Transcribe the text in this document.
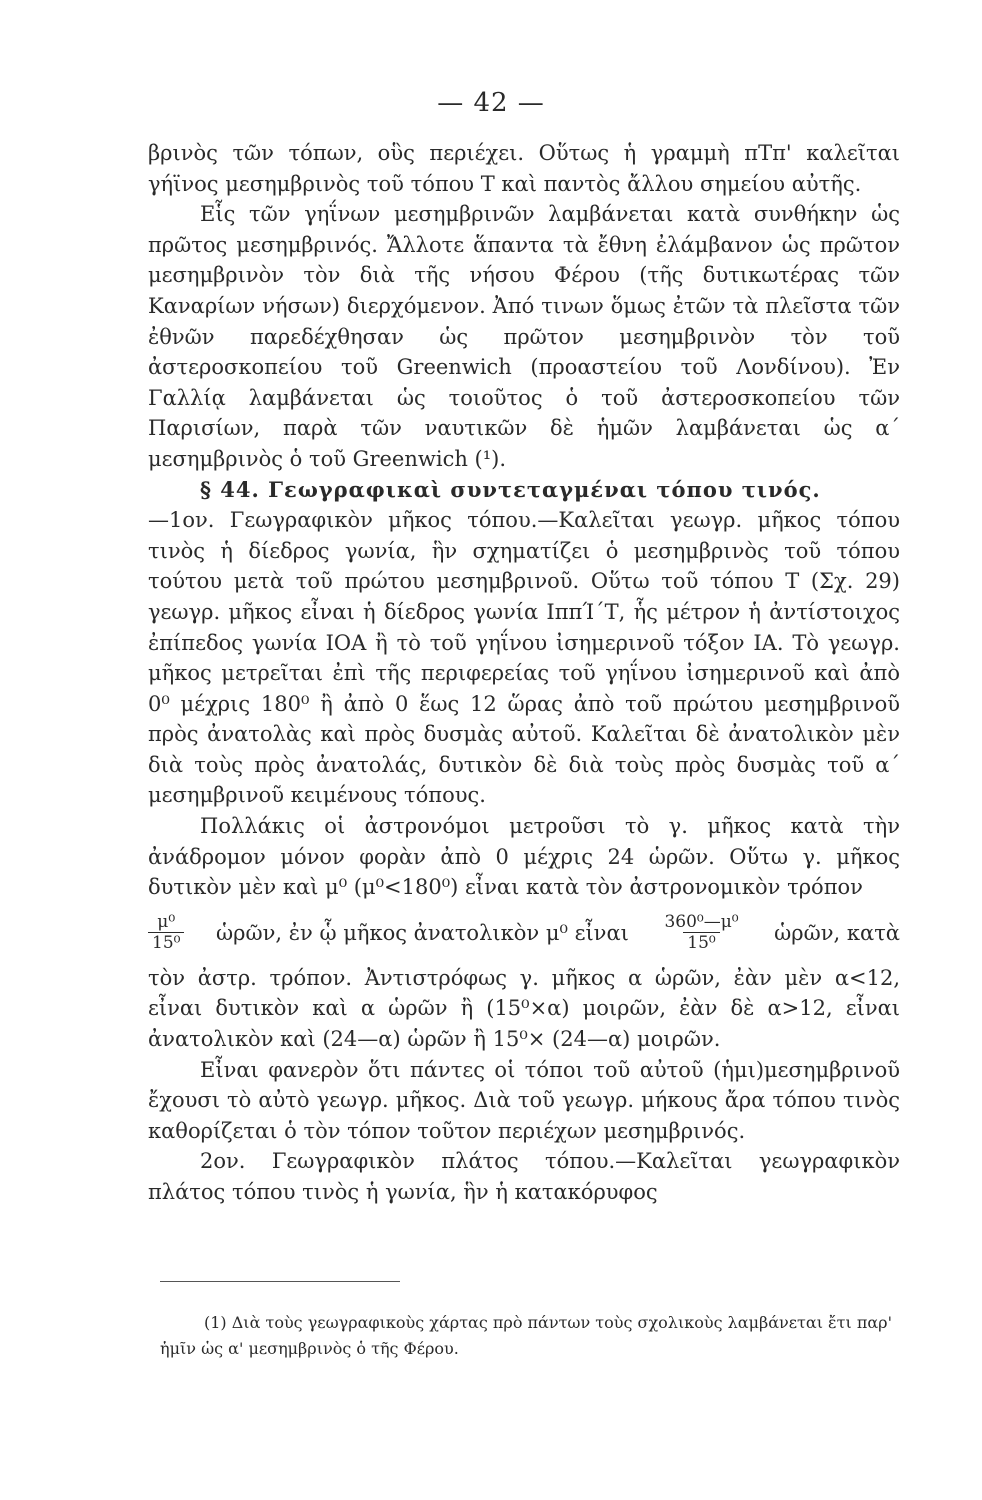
— 42 —

βρινὸς τῶν τόπων, οὓς περιέχει. Οὕτως ἡ γραμμὴ πΤπ' καλεῖται γήϊνος μεσημβρινὸς τοῦ τόπου Τ καὶ παντὸς ἄλλου σημείου αὐτῆς.

Εἷς τῶν γηΐνων μεσημβρινῶν λαμβάνεται κατὰ συνθήκην ὡς πρῶτος μεσημβρινός. Ἄλλοτε ἅπαντα τὰ ἔθνη ἐλάμβανον ὡς πρῶτον μεσημβρινὸν τὸν διὰ τῆς νήσου Φέρου (τῆς δυτικωτέρας τῶν Καναρίων νήσων) διερχόμενον. Ἀπό τινων ὅμως ἐτῶν τὰ πλεῖστα τῶν ἐθνῶν παρεδέχθησαν ὡς πρῶτον μεσημβρινὸν τὸν τοῦ ἀστεροσκοπείου τοῦ Greenwich (προαστείου τοῦ Λονδίνου). Ἐν Γαλλίᾳ λαμβάνεται ὡς τοιοῦτος ὁ τοῦ ἀστεροσκοπείου τῶν Παρισίων, παρὰ τῶν ναυτικῶν δὲ ἡμῶν λαμβάνεται ὡς α΄ μεσημβρινὸς ὁ τοῦ Greenwich (¹).

§ 44. Γεωγραφικαὶ συντεταγμέναι τόπου τινός.

—1ον. Γεωγραφικὸν μῆκος τόπου.—Καλεῖται γεωγρ. μῆκος τόπου τινὸς ἡ δίεδρος γωνία, ἣν σχηματίζει ὁ μεσημβρινὸς τοῦ τόπου τούτου μετὰ τοῦ πρώτου μεσημβρινοῦ. Οὕτω τοῦ τόπου Τ (Σχ. 29) γεωγρ. μῆκος εἶναι ἡ δίεδρος γωνία ΙππΊ΄Τ, ἧς μέτρον ἡ ἀντίστοιχος ἐπίπεδος γωνία ΙΟΑ ἢ τὸ τοῦ γηΐνου ἰσημερινοῦ τόξον ΙΑ. Τὸ γεωγρ. μῆκος μετρεῖται ἐπὶ τῆς περιφερείας τοῦ γηΐνου ἰσημερινοῦ καὶ ἀπὸ 0⁰ μέχρις 180⁰ ἢ ἀπὸ 0 ἕως 12 ὥρας ἀπὸ τοῦ πρώτου μεσημβρινοῦ πρὸς ἀνατολὰς καὶ πρὸς δυσμὰς αὐτοῦ. Καλεῖται δὲ ἀνατολικὸν μὲν διὰ τοὺς πρὸς ἀνατολάς, δυτικὸν δὲ διὰ τοὺς πρὸς δυσμὰς τοῦ α΄ μεσημβρινοῦ κειμένους τόπους.

Πολλάκις οἱ ἀστρονόμοι μετροῦσι τὸ γ. μῆκος κατὰ τὴν ἀνάδρομον μόνον φορὰν ἀπὸ 0 μέχρις 24 ὡρῶν. Οὕτω γ. μῆκος δυτικὸν μὲν καὶ μ⁰ (μ⁰<180⁰) εἶναι κατὰ τὸν ἀστρονομικὸν τρόπον

$\frac{\text{μ⁰}}{\text{15⁰}}$ ὡρῶν, ἐν ᾧ μῆκος ἀνατολικὸν μ⁰ εἶναι $\frac{\text{360⁰—μ⁰}}{\text{15⁰}}$ ὡρῶν, κατὰ

τὸν ἀστρ. τρόπον. Ἀντιστρόφως γ. μῆκος α ὡρῶν, ἐὰν μὲν α<12, εἶναι δυτικὸν καὶ α ὡρῶν ἢ (15⁰×α) μοιρῶν, ἐὰν δὲ α>12, εἶναι ἀνατολικὸν καὶ (24—α) ὡρῶν ἢ 15⁰× (24—α) μοιρῶν.

Εἶναι φανερὸν ὅτι πάντες οἱ τόποι τοῦ αὐτοῦ (ἡμι)μεσημβρινοῦ ἔχουσι τὸ αὐτὸ γεωγρ. μῆκος. Διὰ τοῦ γεωγρ. μήκους ἄρα τόπου τινὸς καθορίζεται ὁ τὸν τόπον τοῦτον περιέχων μεσημβρινός.

2ον. Γεωγραφικὸν πλάτος τόπου.—Καλεῖται γεωγραφικὸν πλάτος τόπου τινὸς ἡ γωνία, ἣν ἡ κατακόρυφος

(1) Διὰ τοὺς γεωγραφικοὺς χάρτας πρὸ πάντων τοὺς σχολικοὺς λαμβάνεται ἔτι παρ' ἡμῖν ὡς α' μεσημβρινὸς ὁ τῆς Φέρου.
